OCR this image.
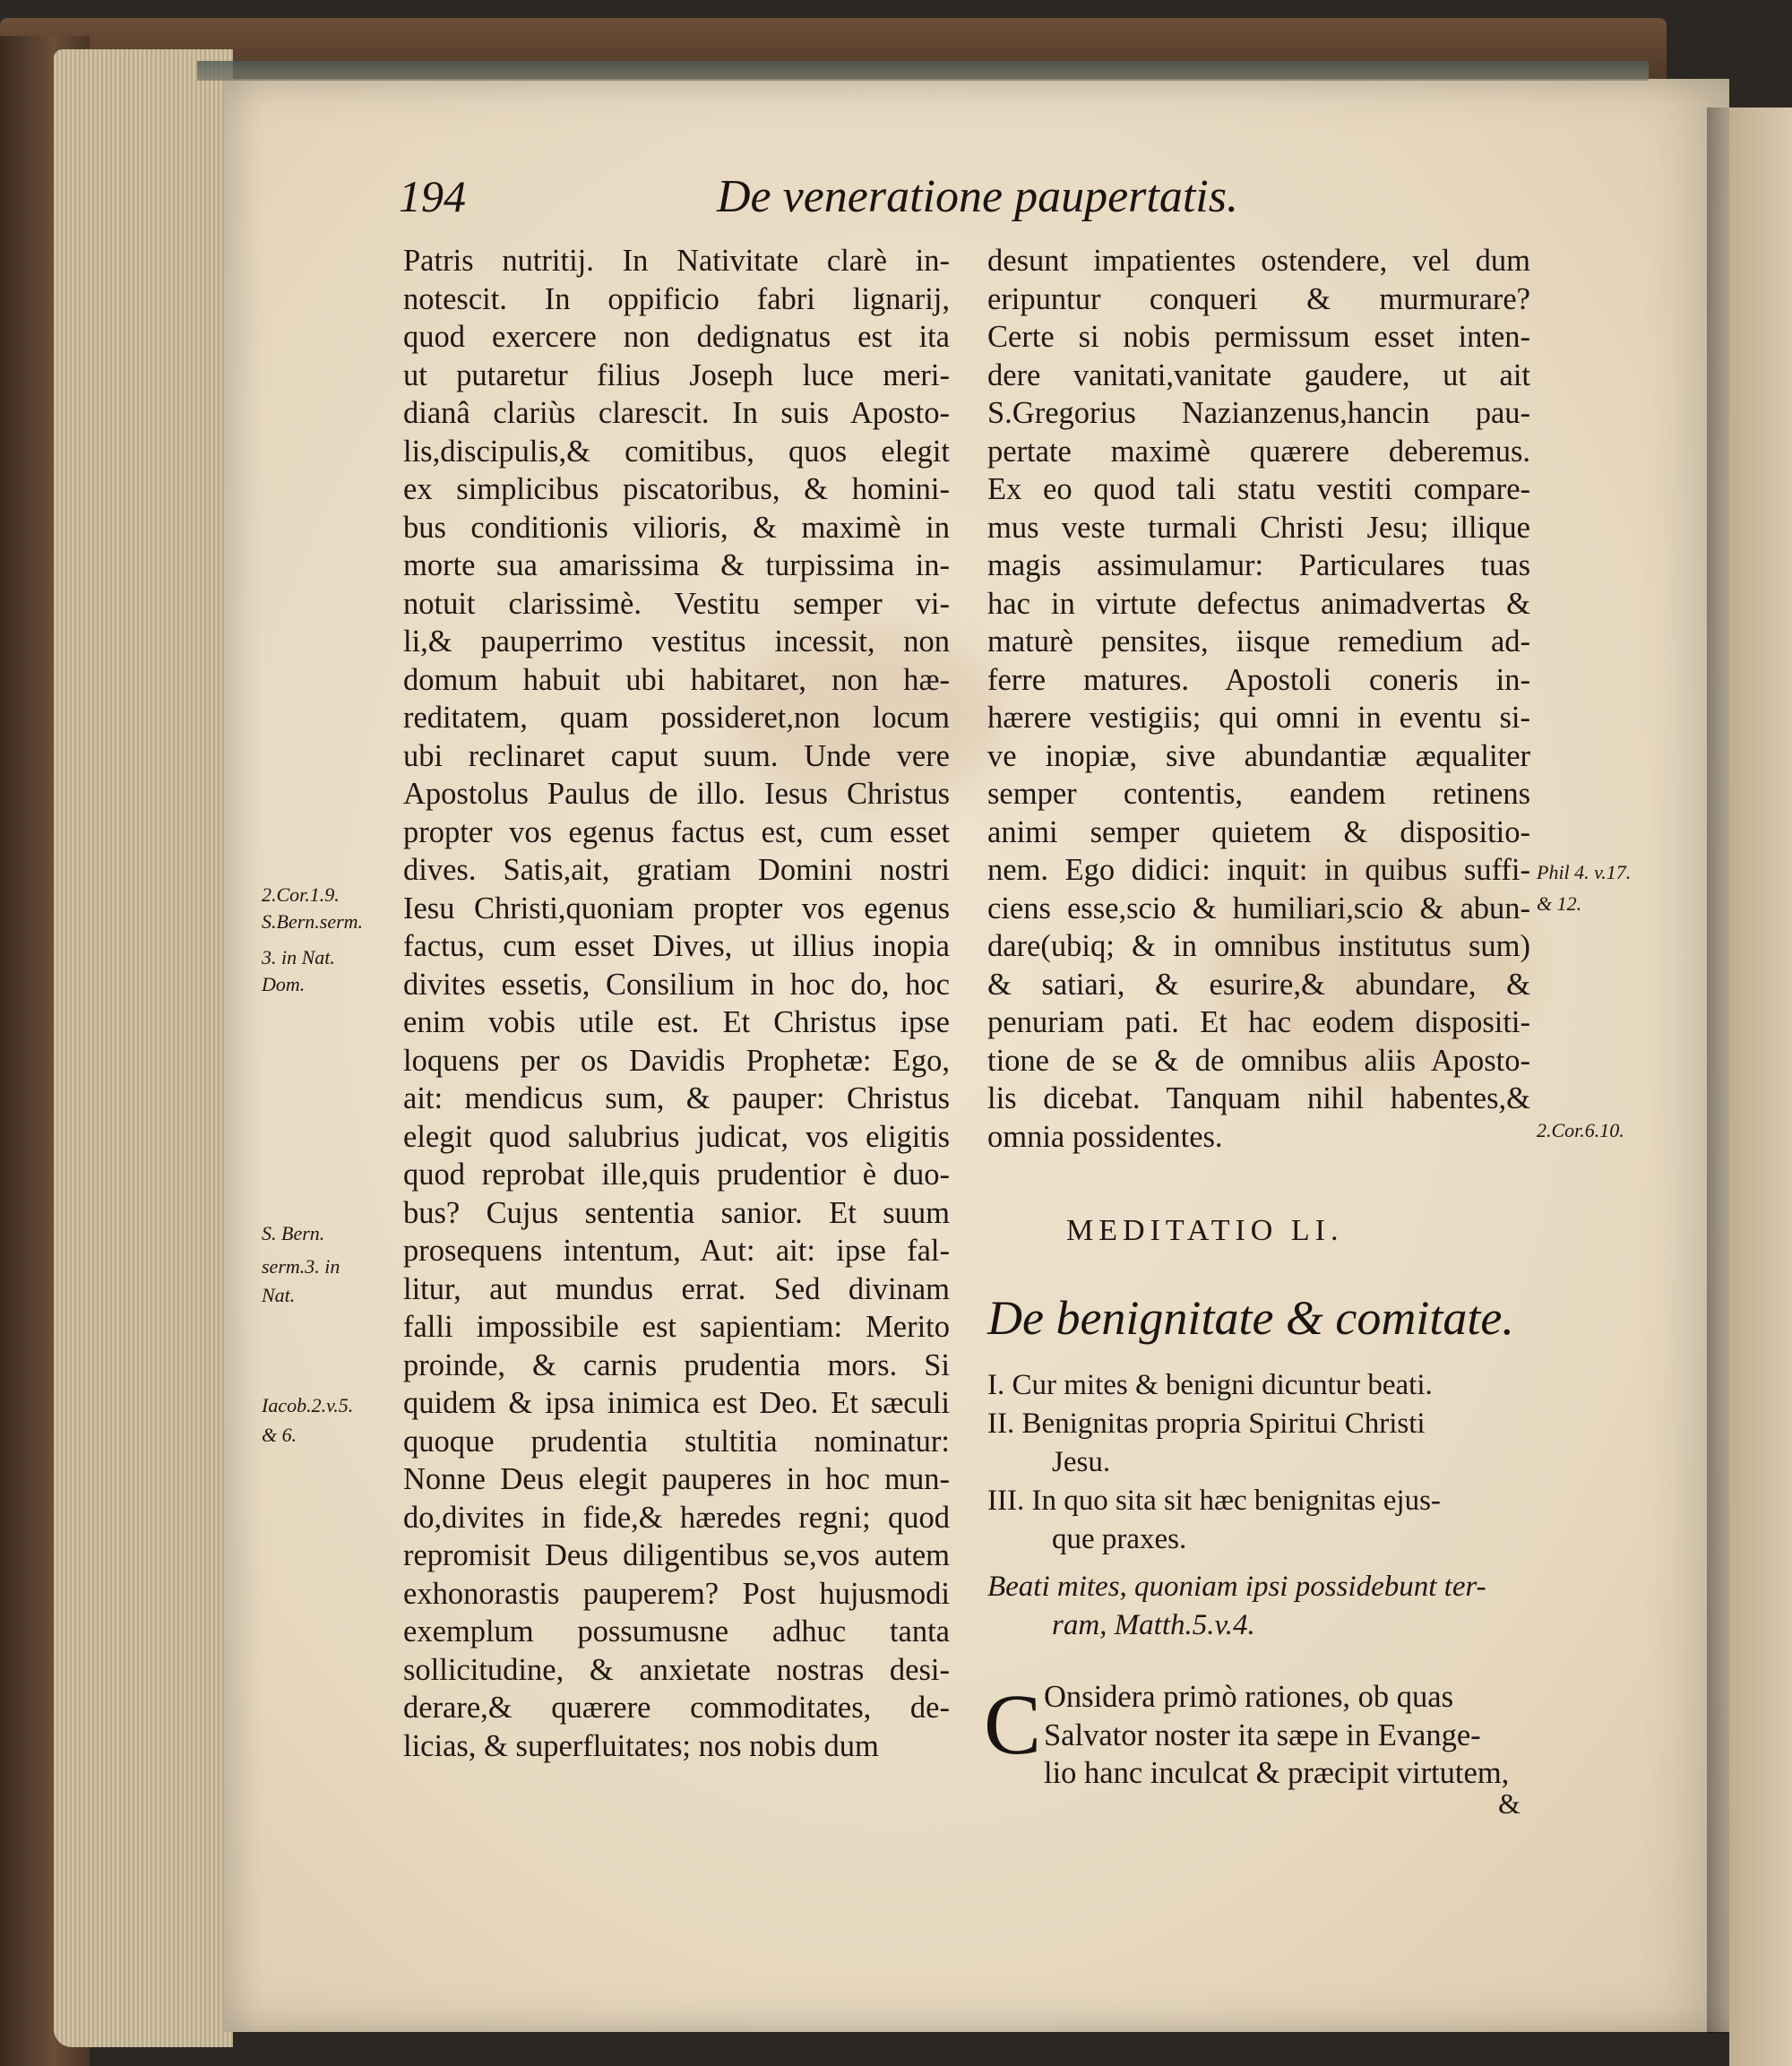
194	De veneratione paupertatis.
Patris nutritij. In Nativitate clarè in-
notescit. In oppificio fabri lignarij,
quod exercere non dedignatus est ita
ut putaretur filius Joseph luce meri-
dianâ clariùs clarescit. In suis Aposto-
lis,discipulis,& comitibus, quos elegit
ex simplicibus piscatoribus, & homini-
bus conditionis vilioris, & maximè in
morte sua amarissima & turpissima in-
notuit clarissimè. Vestitu semper vi-
li,& pauperrimo vestitus incessit, non
domum habuit ubi habitaret, non hæ-
reditatem, quam possideret,non locum
ubi reclinaret caput suum. Unde vere
Apostolus Paulus de illo. Iesus Christus
propter vos egenus factus est, cum esset
dives. Satis,ait, gratiam Domini nostri
Iesu Christi,quoniam propter vos egenus
factus, cum esset Dives, ut illius inopia
divites essetis, Consilium in hoc do, hoc
enim vobis utile est. Et Christus ipse
loquens per os Davidis Prophetæ: Ego,
ait: mendicus sum, & pauper: Christus
elegit quod salubrius judicat, vos eligitis
quod reprobat ille,quis prudentior è duo-
bus? Cujus sententia sanior. Et suum
prosequens intentum, Aut: ait: ipse fal-
litur, aut mundus errat. Sed divinam
falli impossibile est sapientiam: Merito
proinde, & carnis prudentia mors. Si
quidem & ipsa inimica est Deo. Et sæculi
quoque prudentia stultitia nominatur:
Nonne Deus elegit pauperes in hoc mun-
do,divites in fide,& hæredes regni; quod
repromisit Deus diligentibus se,vos autem
exhonorastis pauperem? Post hujusmodi
exemplum possumusne adhuc tanta
sollicitudine, & anxietate nostras desi-
derare,& quærere commoditates, de-
licias, & superfluitates; nos nobis dum
desunt impatientes ostendere, vel dum
eripuntur conqueri & murmurare?
Certe si nobis permissum esset inten-
dere vanitati,vanitate gaudere, ut ait
S.Gregorius Nazianzenus,hancin pau-
pertate maximè quærere deberemus.
Ex eo quod tali statu vestiti compare-
mus veste turmali Christi Jesu; illique
magis assimulamur: Particulares tuas
hac in virtute defectus animadvertas &
maturè pensites, iisque remedium ad-
ferre matures. Apostoli coneris in-
hærere vestigiis; qui omni in eventu si-
ve inopiæ, sive abundantiæ æqualiter
semper contentis, eandem retinens
animi semper quietem & dispositio-
nem. Ego didici: inquit: in quibus suffi-
ciens esse,scio & humiliari,scio & abun-
dare(ubiq; & in omnibus institutus sum)
& satiari, & esurire,& abundare, &
penuriam pati. Et hac eodem dispositi-
tione de se & de omnibus aliis Aposto-
lis dicebat. Tanquam nihil habentes,&
omnia possidentes.
2.Cor.1.9.
S.Bern.serm.
3. in Nat.
Dom.
S. Bern.
serm.3. in
Nat.
Iacob.2.v.5.
& 6.
Phil 4. v.17.
& 12.
2.Cor.6.10.
MEDITATIO LI.
De benignitate & comitate.
I. Cur mites & benigni dicuntur beati.
II. Benignitas propria Spiritui Christi
Jesu.
III. In quo sita sit hæc benignitas ejus-
que praxes.
Beati mites, quoniam ipsi possidebunt ter-
ram, Matth.5.v.4.
C Onsidera primò rationes, ob quas
Salvator noster ita sæpe in Evange-
lio hanc inculcat & præcipit virtutem,
&
